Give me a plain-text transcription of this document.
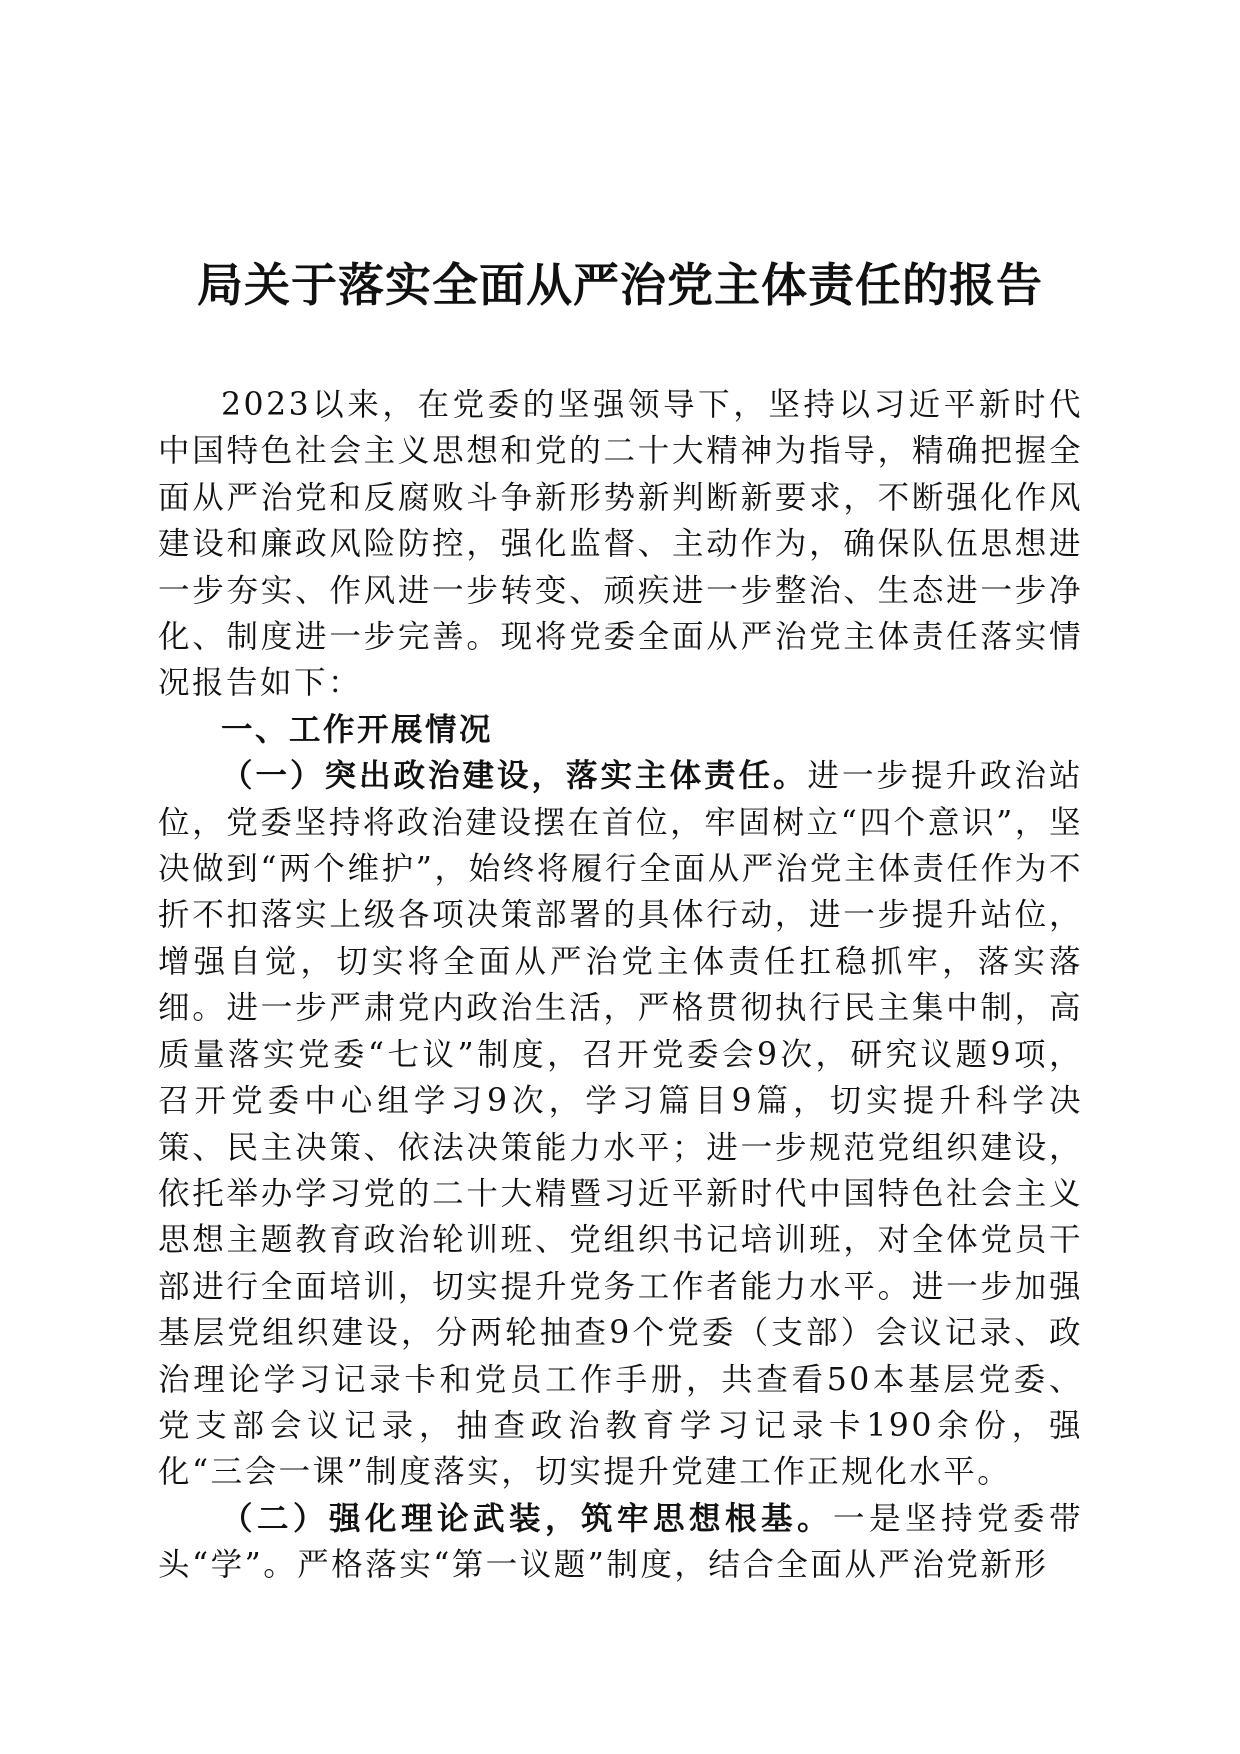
局关于落实全面从严治党主体责任的报告

2023以来，在党委的坚强领导下，坚持以习近平新时代中国特色社会主义思想和党的二十大精神为指导，精确把握全面从严治党和反腐败斗争新形势新判断新要求，不断强化作风建设和廉政风险防控，强化监督、主动作为，确保队伍思想进一步夯实、作风进一步转变、顽疾进一步整治、生态进一步净化、制度进一步完善。现将党委全面从严治党主体责任落实情况报告如下：

一、工作开展情况

（一）突出政治建设，落实主体责任。进一步提升政治站位，党委坚持将政治建设摆在首位，牢固树立“四个意识”，坚决做到“两个维护”，始终将履行全面从严治党主体责任作为不折不扣落实上级各项决策部署的具体行动，进一步提升站位，增强自觉，切实将全面从严治党主体责任扛稳抓牢，落实落细。进一步严肃党内政治生活，严格贯彻执行民主集中制，高质量落实党委“七议”制度，召开党委会9次，研究议题9项，召开党委中心组学习9次，学习篇目9篇，切实提升科学决策、民主决策、依法决策能力水平；进一步规范党组织建设，依托举办学习党的二十大精暨习近平新时代中国特色社会主义思想主题教育政治轮训班、党组织书记培训班，对全体党员干部进行全面培训，切实提升党务工作者能力水平。进一步加强基层党组织建设，分两轮抽查9个党委（支部）会议记录、政治理论学习记录卡和党员工作手册，共查看50本基层党委、党支部会议记录，抽查政治教育学习记录卡190余份，强化“三会一课”制度落实，切实提升党建工作正规化水平。

（二）强化理论武装，筑牢思想根基。一是坚持党委带头“学”。严格落实“第一议题”制度，结合全面从严治党新形
